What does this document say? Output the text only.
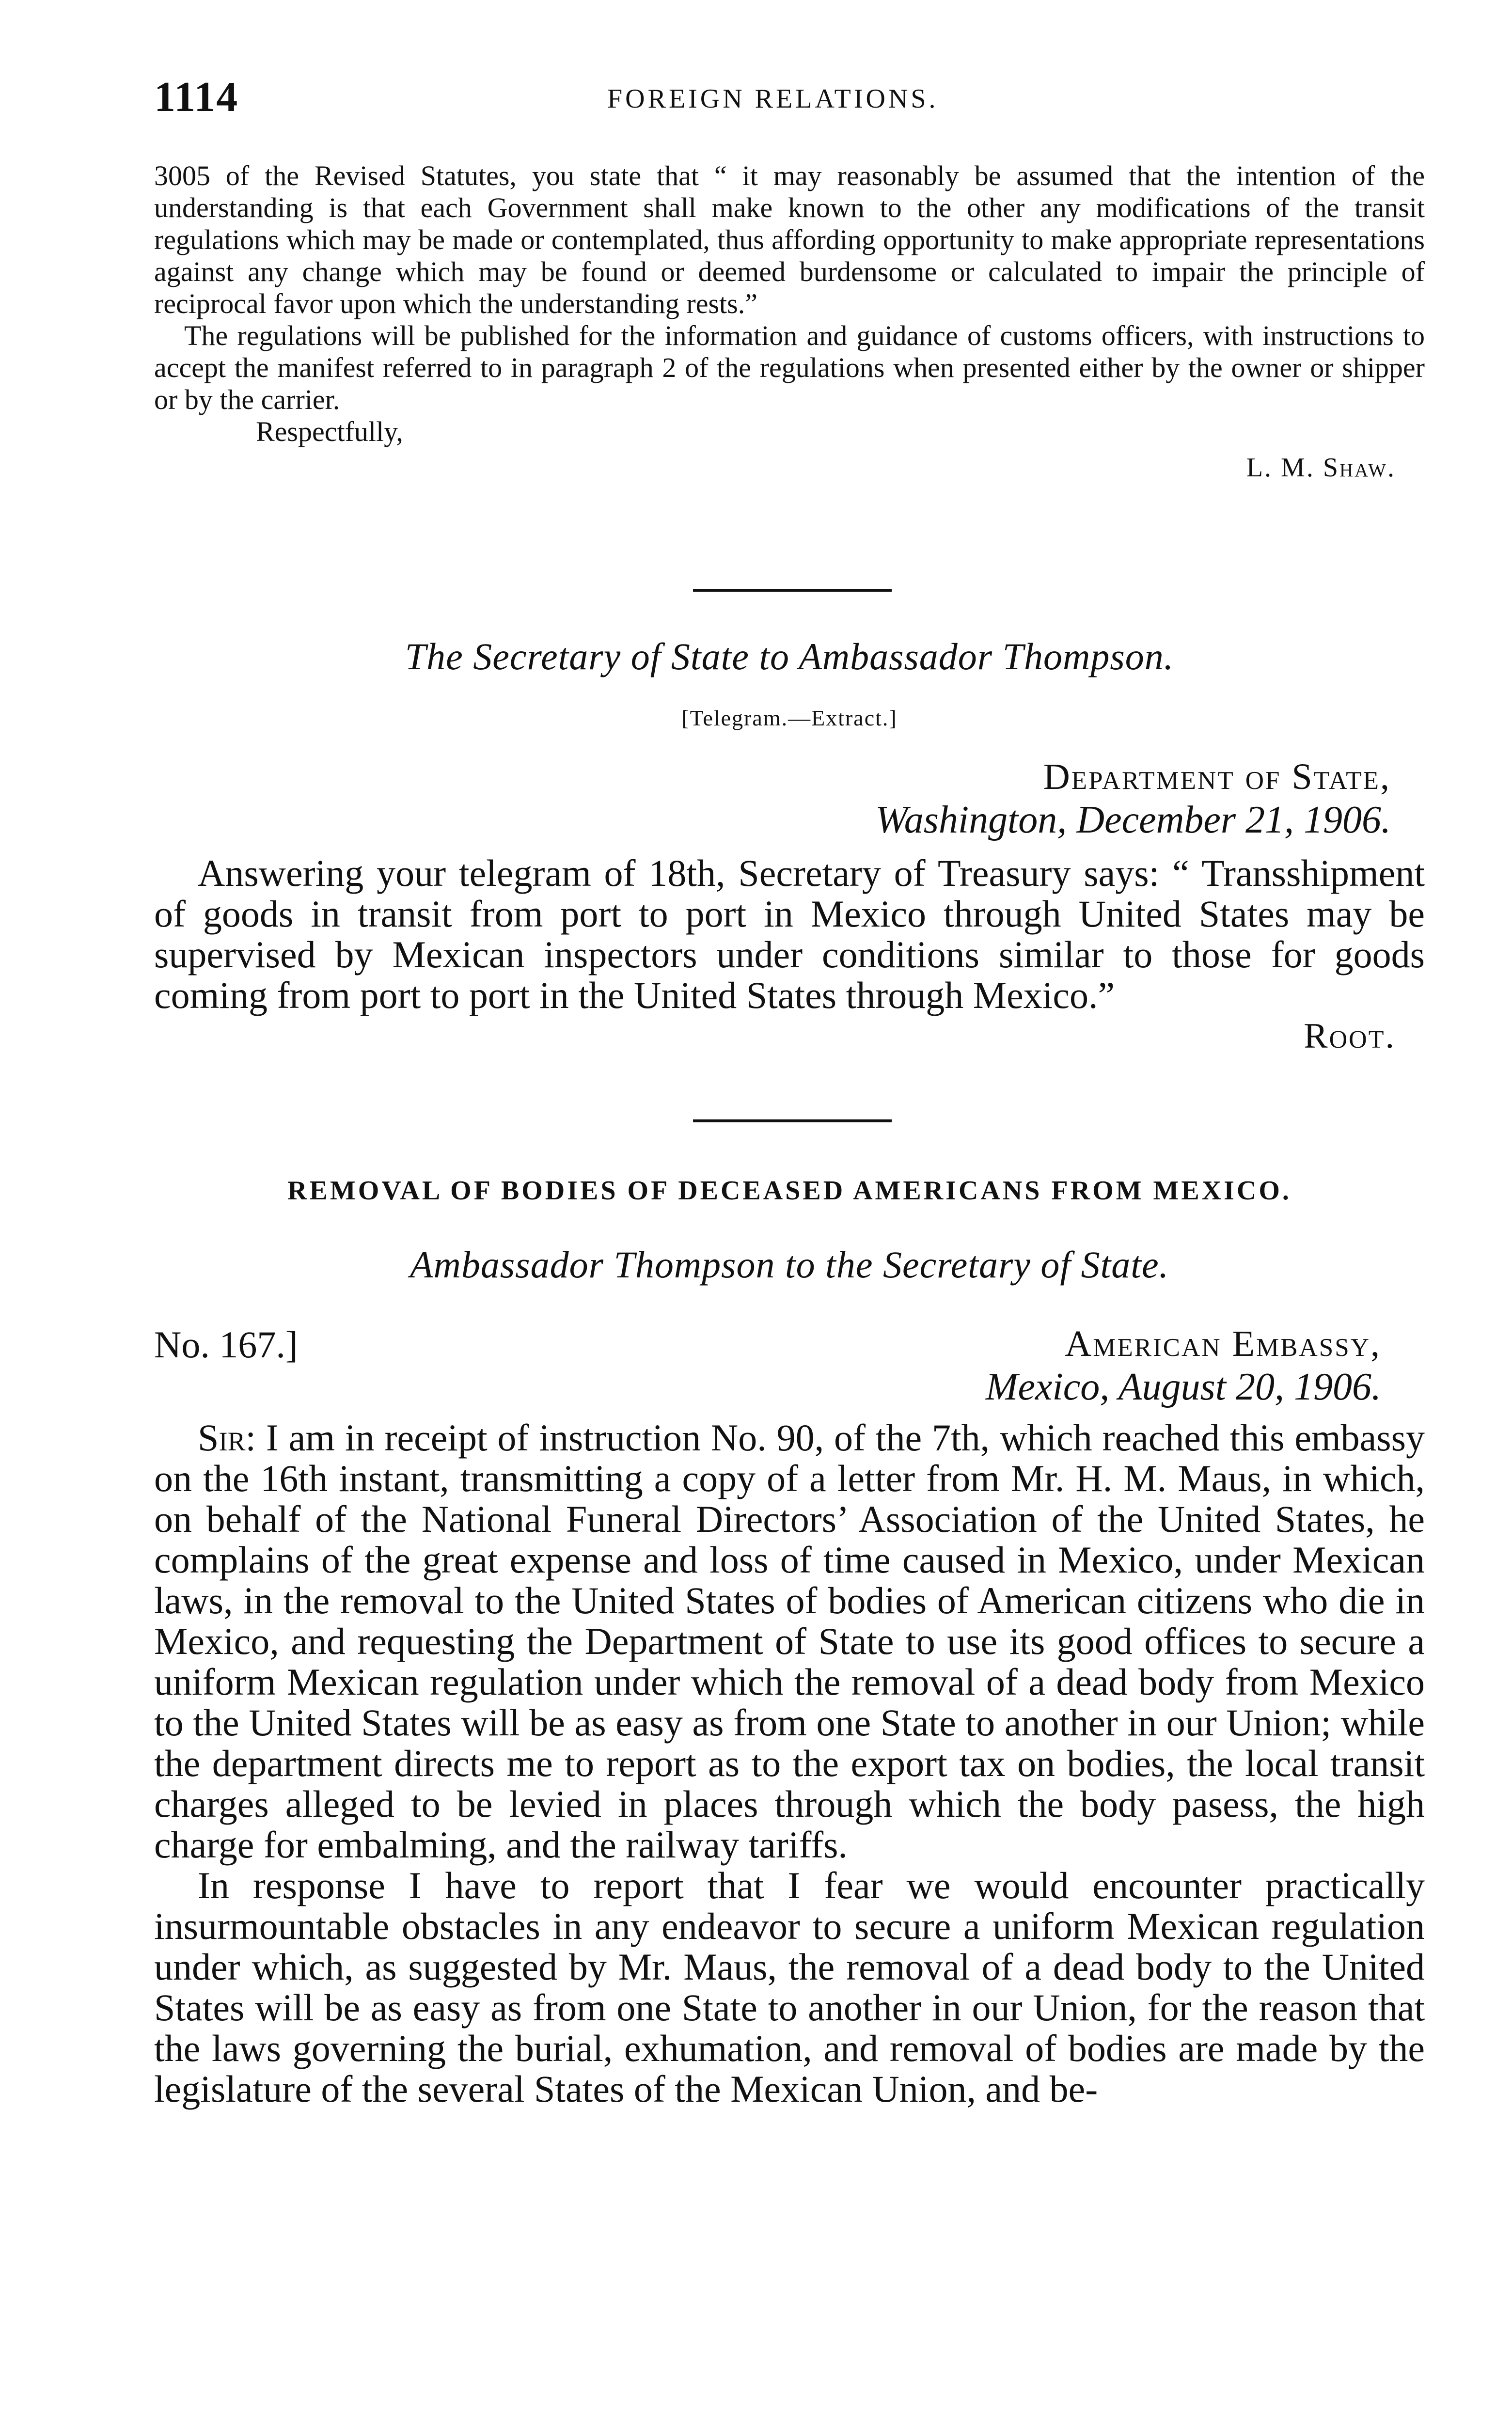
1114	FOREIGN RELATIONS.

3005 of the Revised Statutes, you state that “ it may reasonably be assumed that the intention of the understanding is that each Government shall make known to the other any modifications of the transit regulations which may be made or contemplated, thus affording opportunity to make appropriate representations against any change which may be found or deemed burdensome or calculated to impair the principle of reciprocal favor upon which the understanding rests.”

The regulations will be published for the information and guidance of customs officers, with instructions to accept the manifest referred to in paragraph 2 of the regulations when presented either by the owner or shipper or by the carrier.

Respectfully,

L. M. Shaw.
The Secretary of State to Ambassador Thompson.
[Telegram.—Extract.]
Department of State,
Washington, December 21, 1906.

Answering your telegram of 18th, Secretary of Treasury says: “ Transshipment of goods in transit from port to port in Mexico through United States may be supervised by Mexican inspectors under conditions similar to those for goods coming from port to port in the United States through Mexico.”

Root.
REMOVAL OF BODIES OF DECEASED AMERICANS FROM MEXICO.
Ambassador Thompson to the Secretary of State.
No. 167.]	American Embassy,
Mexico, August 20, 1906.

Sir: I am in receipt of instruction No. 90, of the 7th, which reached this embassy on the 16th instant, transmitting a copy of a letter from Mr. H. M. Maus, in which, on behalf of the National Funeral Directors’ Association of the United States, he complains of the great expense and loss of time caused in Mexico, under Mexican laws, in the removal to the United States of bodies of American citizens who die in Mexico, and requesting the Department of State to use its good offices to secure a uniform Mexican regulation under which the removal of a dead body from Mexico to the United States will be as easy as from one State to another in our Union; while the department directs me to report as to the export tax on bodies, the local transit charges alleged to be levied in places through which the body pasess, the high charge for embalming, and the railway tariffs.

In response I have to report that I fear we would encounter practically insurmountable obstacles in any endeavor to secure a uniform Mexican regulation under which, as suggested by Mr. Maus, the removal of a dead body to the United States will be as easy as from one State to another in our Union, for the reason that the laws governing the burial, exhumation, and removal of bodies are made by the legislature of the several States of the Mexican Union, and be-
